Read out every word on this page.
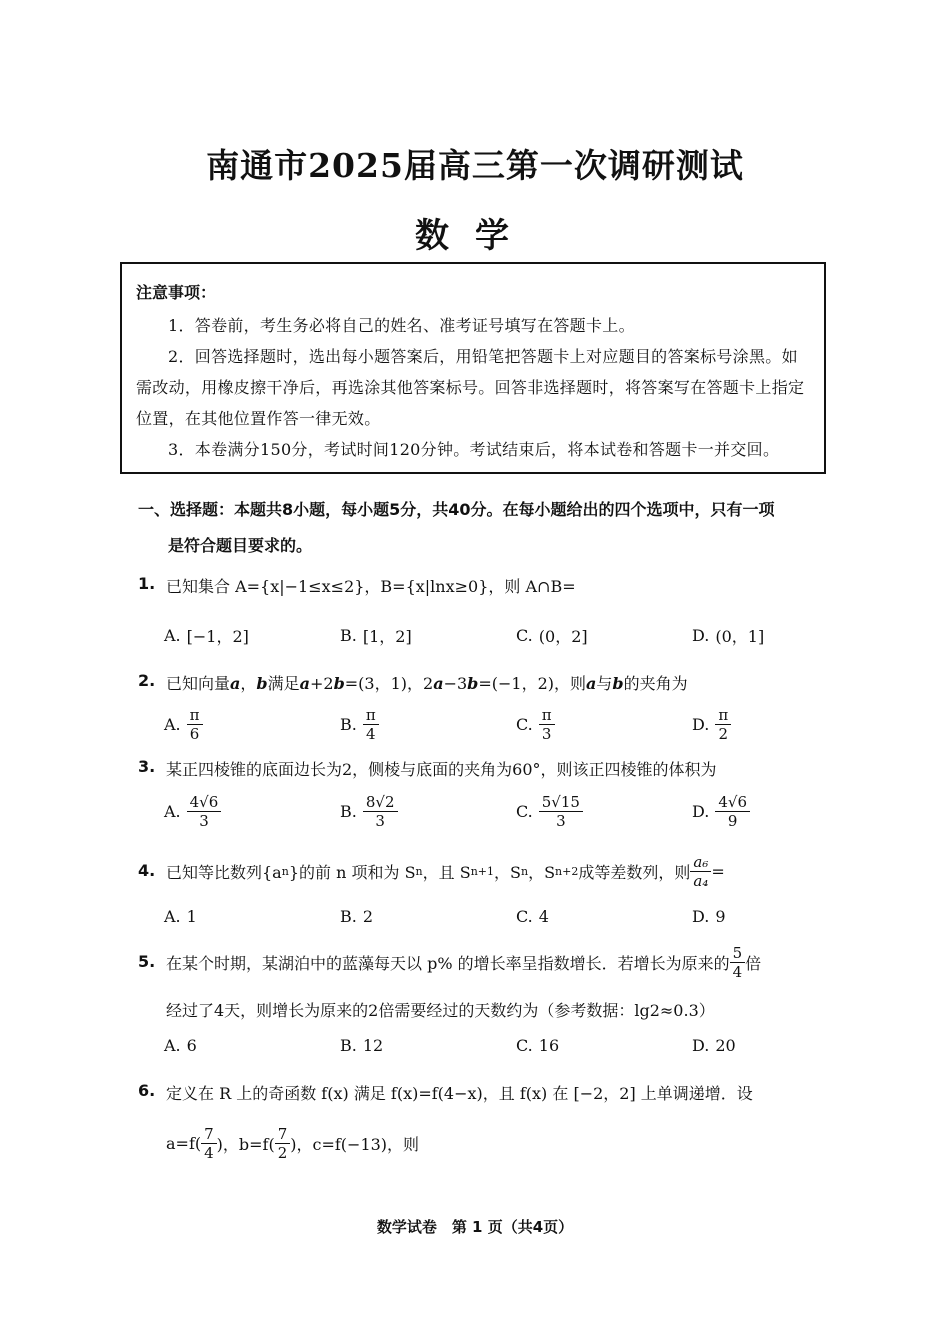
南通市2025届高三第一次调研测试
数学
注意事项：

1．答卷前，考生务必将自己的姓名、准考证号填写在答题卡上。

2．回答选择题时，选出每小题答案后，用铅笔把答题卡上对应题目的答案标号涂黑。如需改动，用橡皮擦干净后，再选涂其他答案标号。回答非选择题时，将答案写在答题卡上指定位置，在其他位置作答一律无效。

3．本卷满分150分，考试时间120分钟。考试结束后，将本试卷和答题卡一并交回。

一、选择题：本题共8小题，每小题5分，共40分。在每小题给出的四个选项中，只有一项
是符合题目要求的。
1. 已知集合 A={x|−1≤x≤2}，B={x|lnx≥0}，则 A∩B=
A. [−1，2]	B. [1，2]	C. (0，2]	D. (0，1]
2. 已知向量a，b满足a+2b=(3，1)，2a−3b=(−1，2)，则a与b的夹角为
A. $\frac{\pi}{6}$	B. $\frac{\pi}{4}$	C. $\frac{\pi}{3}$	D. $\frac{\pi}{2}$
3. 某正四棱锥的底面边长为2，侧棱与底面的夹角为60°，则该正四棱锥的体积为
A. $\frac{4√6}{3}$	B. $\frac{8√2}{3}$	C. $\frac{5√15}{3}$	D. $\frac{4√6}{9}$
4. 已知等比数列{a n }的前 n 项和为 S n ，且 S n+1 ，S n ，S n+2 成等差数列，则 $\frac{\text{a₆}}{\text{a₄}}$ =
A. 1	B. 2	C. 4	D. 9
5. 在某个时期，某湖泊中的蓝藻每天以 p% 的增长率呈指数增长．若增长为原来的 $\frac{5}{4}$ 倍
经过了4天，则增长为原来的2倍需要经过的天数约为（参考数据：lg2≈0.3）
A. 6	B. 12	C. 16	D. 20
6. 定义在 R 上的奇函数 f(x) 满足 f(x)=f(4−x)，且 f(x) 在 [−2，2] 上单调递增．设
$a=f( \frac{7}{4}$ )，$b=f( \frac{7}{2}$ )，c=f(−13)，则
数学试卷　第 1 页（共4页）
